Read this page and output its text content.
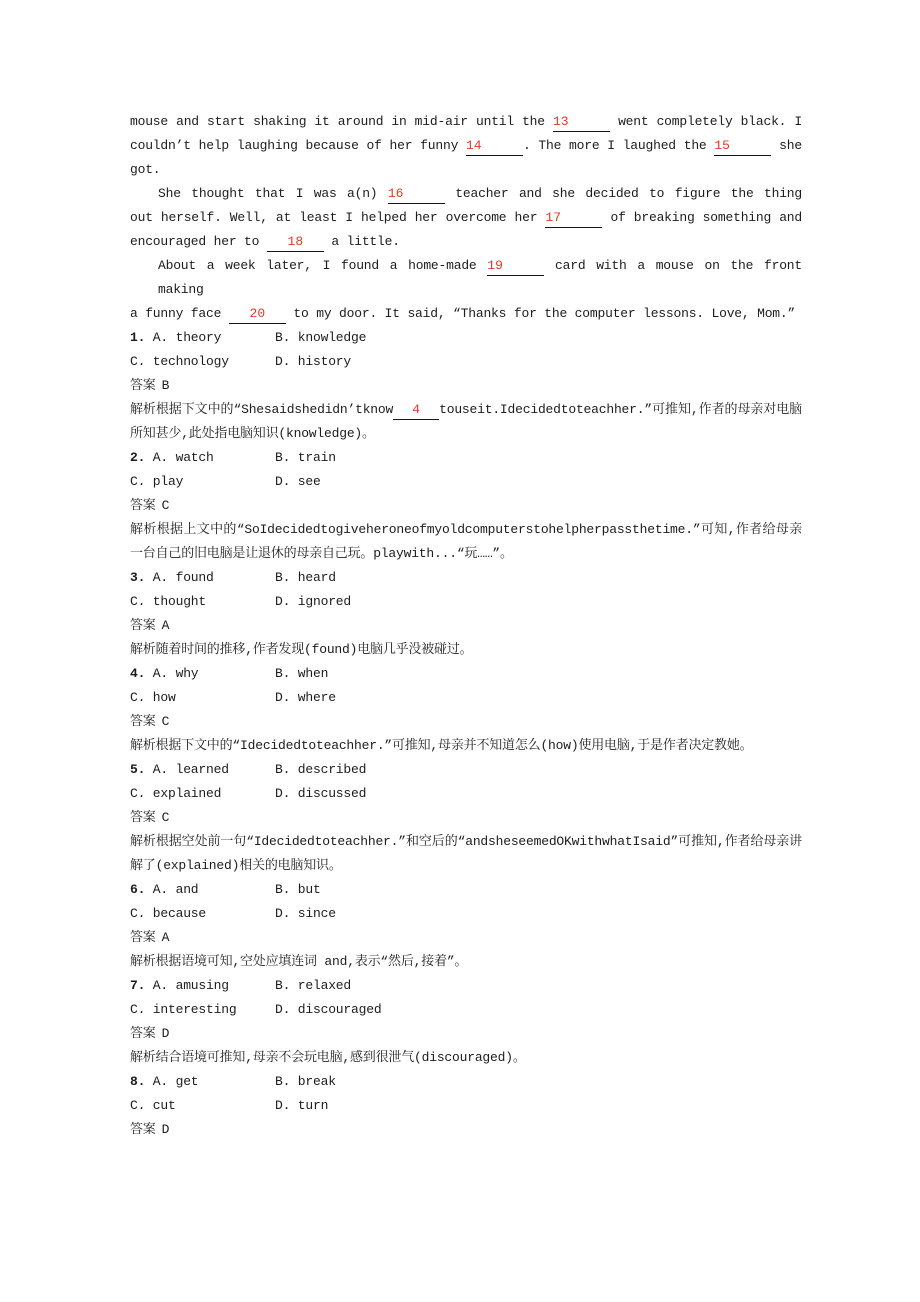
mouse and start shaking it around in mid-air until the 13	went completely black. I
couldn’t help laughing because of her funny 14	. The more I laughed the 15	she
got.
She thought that I was a(n) 16	teacher and she decided to figure the thing
out herself. Well, at least I helped her overcome her 17	of breaking something and
encouraged her to 18 a little.
About a week later, I found a home-made 19	card with a mouse on the front making
a funny face 20 to my door. It said, “Thanks for the computer lessons. Love, Mom.”
1. A. theory	B. knowledge
C. technology	D. history
答案 B
解析根据下文中的“Shesaidshedidn’tknow 4 touseit.Idecidedtoteachher.”可推知,作者的母亲对电脑所知甚少,此处指电脑知识(knowledge)。
2. A. watch	B. train
C. play	D. see
答案 C
解析根据上文中的“SoIdecidedtogiveheroneofmyoldcomputerstohelpherpassthetime.”可知,作者给母亲一台自己的旧电脑是让退休的母亲自己玩。playwith...“玩……”。
3. A. found	B. heard
C. thought	D. ignored
答案 A
解析随着时间的推移,作者发现(found)电脑几乎没被碰过。
4. A. why	B. when
C. how	D. where
答案 C
解析根据下文中的“Idecidedtoteachher.”可推知,母亲并不知道怎么(how)使用电脑,于是作者决定教她。
5. A. learned	B. described
C. explained	D. discussed
答案 C
解析根据空处前一句“Idecidedtoteachher.”和空后的“andsheseemedOKwithwhatIsaid”可推知,作者给母亲讲解了(explained)相关的电脑知识。
6. A. and	B. but
C. because	D. since
答案 A
解析根据语境可知,空处应填连词 and,表示“然后,接着”。
7. A. amusing	B. relaxed
C. interesting	D. discouraged
答案 D
解析结合语境可推知,母亲不会玩电脑,感到很泄气(discouraged)。
8. A. get	B. break
C. cut	D. turn
答案 D
